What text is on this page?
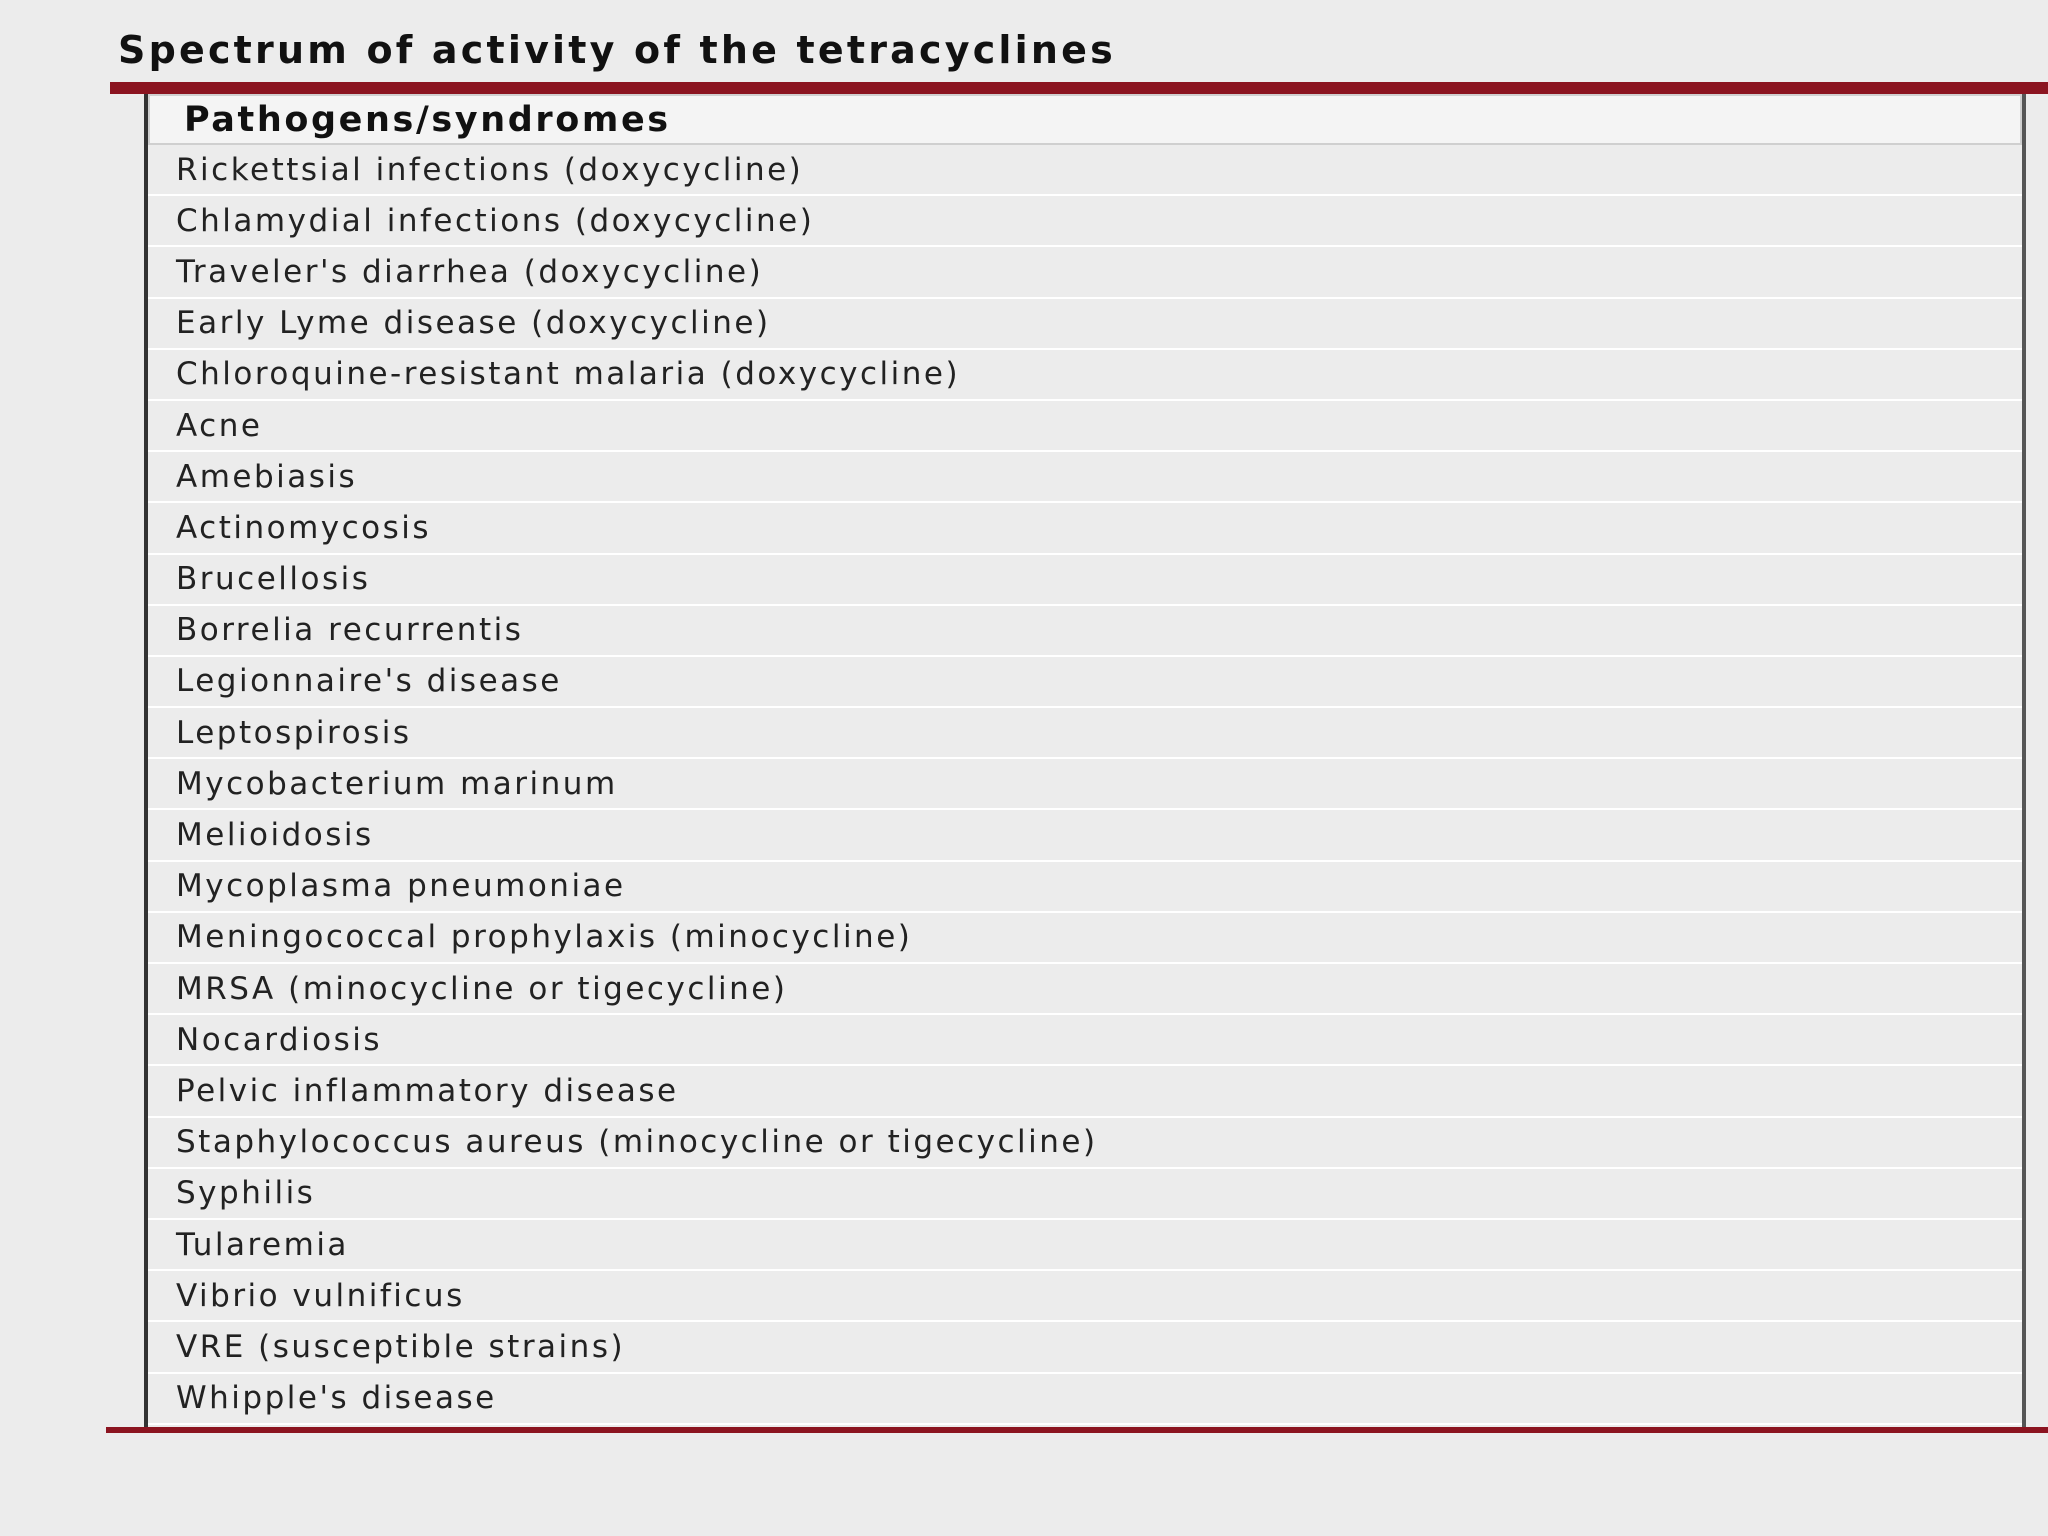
Spectrum of activity of the tetracyclines
Pathogens/syndromes
Rickettsial infections (doxycycline)
Chlamydial infections (doxycycline)
Traveler's diarrhea (doxycycline)
Early Lyme disease (doxycycline)
Chloroquine-resistant malaria (doxycycline)
Acne
Amebiasis
Actinomycosis
Brucellosis
Borrelia recurrentis
Legionnaire's disease
Leptospirosis
Mycobacterium marinum
Melioidosis
Mycoplasma pneumoniae
Meningococcal prophylaxis (minocycline)
MRSA (minocycline or tigecycline)
Nocardiosis
Pelvic inflammatory disease
Staphylococcus aureus (minocycline or tigecycline)
Syphilis
Tularemia
Vibrio vulnificus
VRE (susceptible strains)
Whipple's disease
